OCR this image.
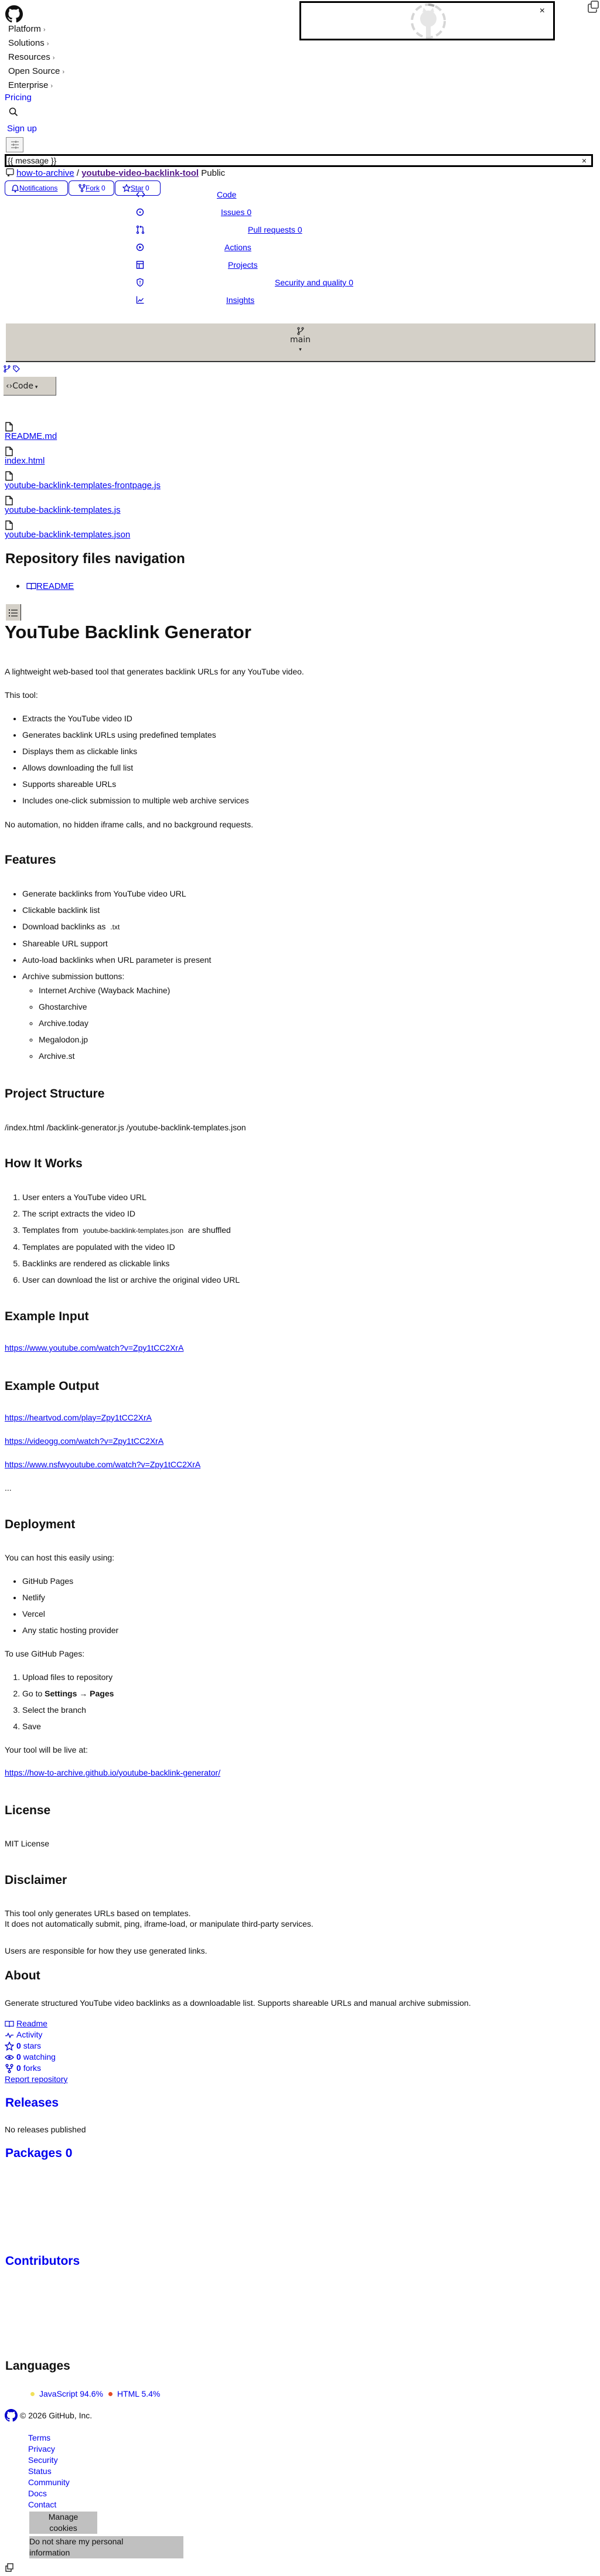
×
Platform ›
Solutions ›
Resources ›
Open Source ›
Enterprise ›
Pricing
Sign up
{{ message }}	×
how-to-archive / youtube-video-backlink-tool Public
Notifications	Fork 0	Star 0
Code
Issues 0
Pull requests 0
Actions
Projects
Security and quality 0
Insights
main
▾

‹›Code ▾
README.md
index.html
youtube-backlink-templates-frontpage.js
youtube-backlink-templates.js
youtube-backlink-templates.json
Repository files navigation
README
YouTube Backlink Generator

A lightweight web-based tool that generates backlink URLs for any YouTube video.

This tool:

• Extracts the YouTube video ID
• Generates backlink URLs using predefined templates
• Displays them as clickable links
• Allows downloading the full list
• Supports shareable URLs
• Includes one-click submission to multiple web archive services

No automation, no hidden iframe calls, and no background requests.

Features
• Generate backlinks from YouTube video URL
• Clickable backlink list
• Download backlinks as .txt
• Shareable URL support
• Auto-load backlinks when URL parameter is present
• Archive submission buttons:
◦ Internet Archive (Wayback Machine)
◦ Ghostarchive
◦ Archive.today
◦ Megalodon.jp
◦ Archive.st
Project Structure

/index.html /backlink-generator.js /youtube-backlink-templates.json

How It Works
1. User enters a YouTube video URL
2. The script extracts the video ID
3. Templates from youtube-backlink-templates.json are shuffled
4. Templates are populated with the video ID
5. Backlinks are rendered as clickable links
6. User can download the list or archive the original video URL
Example Input
https://www.youtube.com/watch?v=Zpy1tCC2XrA
Example Output
https://heartvod.com/play=Zpy1tCC2XrA
https://videogg.com/watch?v=Zpy1tCC2XrA
https://www.nsfwyoutube.com/watch?v=Zpy1tCC2XrA

...

Deployment

You can host this easily using:

• GitHub Pages
• Netlify
• Vercel
• Any static hosting provider

To use GitHub Pages:

1. Upload files to repository
2. Go to Settings → Pages
3. Select the branch
4. Save

Your tool will be live at:

https://how-to-archive.github.io/youtube-backlink-generator/
License

MIT License

Disclaimer

This tool only generates URLs based on templates.

It does not automatically submit, ping, iframe-load, or manipulate third-party services.

Users are responsible for how they use generated links.

About

Generate structured YouTube video backlinks as a downloadable list. Supports shareable URLs and manual archive submission.

Readme
Activity
0 stars
0 watching
0 forks
Report repository
Releases
No releases published
Packages 0
Contributors
Languages
JavaScript 94.6% HTML 5.4%
© 2026 GitHub, Inc.
Terms
Privacy
Security
Status
Community
Docs
Contact
Manage cookies
Do not share my personal information
